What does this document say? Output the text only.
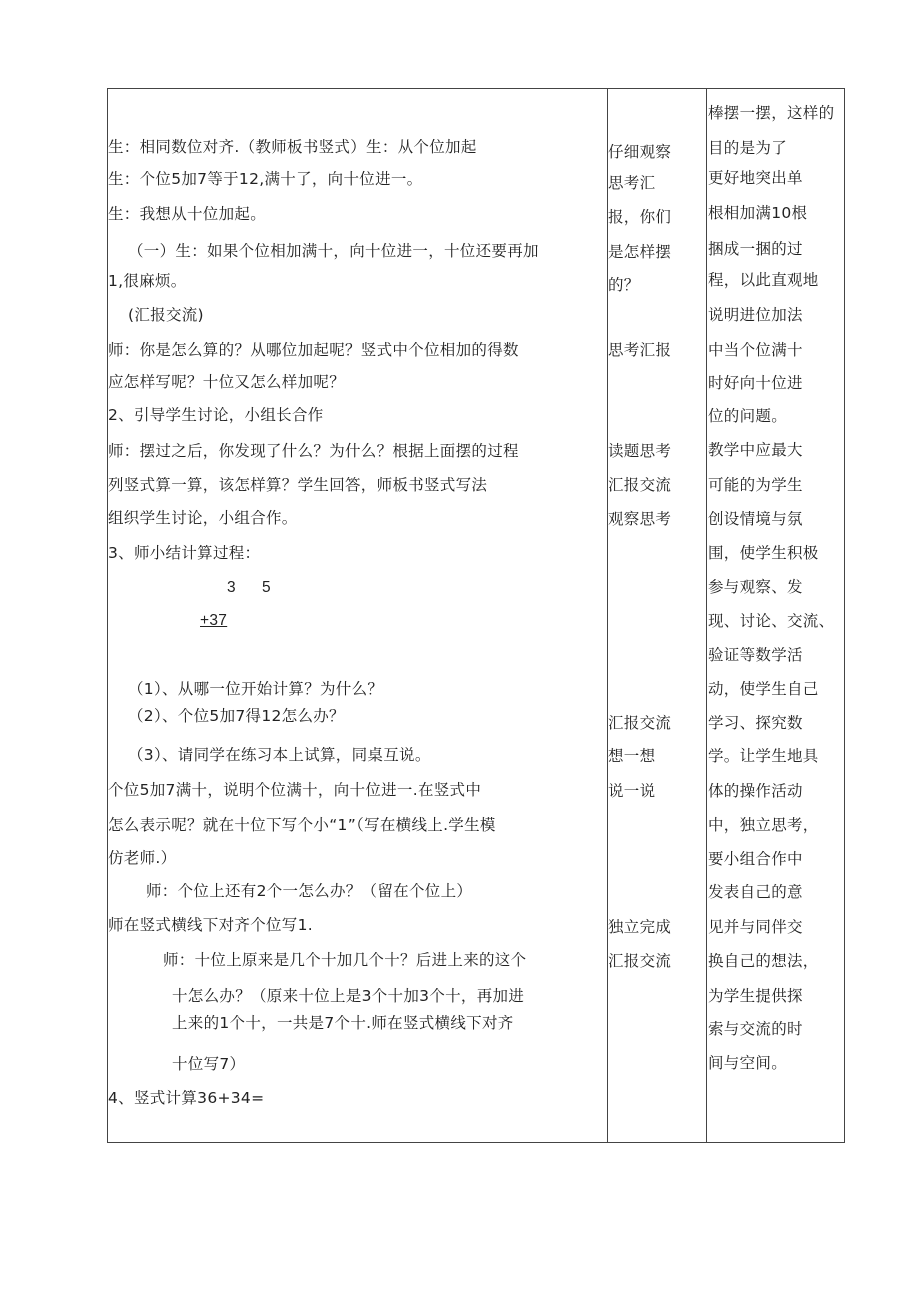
生：相同数位对齐.（教师板书竖式）生：从个位加起
生：个位5加7等于12,满十了，向十位进一。
生：我想从十位加起。
（一）生：如果个位相加满十，向十位进一，十位还要再加
1,很麻烦。
(汇报交流)
师：你是怎么算的？从哪位加起呢？竖式中个位相加的得数
应怎样写呢？十位又怎么样加呢？
2、引导学生讨论，小组长合作
师：摆过之后，你发现了什么？为什么？根据上面摆的过程
列竖式算一算，该怎样算？学生回答，师板书竖式写法
组织学生讨论，小组合作。
3、师小结计算过程：
3 5
+37
（1）、从哪一位开始计算？为什么？
（2）、个位5加7得12怎么办？
（3）、请同学在练习本上试算，同桌互说。
个位5加7满十，说明个位满十，向十位进一.在竖式中
怎么表示呢？就在十位下写个小“1”（写在横线上.学生模
仿老师.）
师：个位上还有2个一怎么办？（留在个位上）
师在竖式横线下对齐个位写1.
师：十位上原来是几个十加几个十？后进上来的这个
十怎么办？（原来十位上是3个十加3个十，再加进
上来的1个十，一共是7个十.师在竖式横线下对齐
十位写7）
4、竖式计算36+34=
仔细观察
思考汇
报，你们
是怎样摆
的？
思考汇报
读题思考
汇报交流
观察思考
汇报交流
想一想
说一说
独立完成
汇报交流
棒摆一摆，这样的
目的是为了
更好地突出单
根相加满10根
捆成一捆的过
程，以此直观地
说明进位加法
中当个位满十
时好向十位进
位的问题。
教学中应最大
可能的为学生
创设情境与氛
围，使学生积极
参与观察、发
现、讨论、交流、
验证等数学活
动，使学生自己
学习、探究数
学。让学生地具
体的操作活动
中，独立思考，
要小组合作中
发表自己的意
见并与同伴交
换自己的想法，
为学生提供探
索与交流的时
间与空间。
